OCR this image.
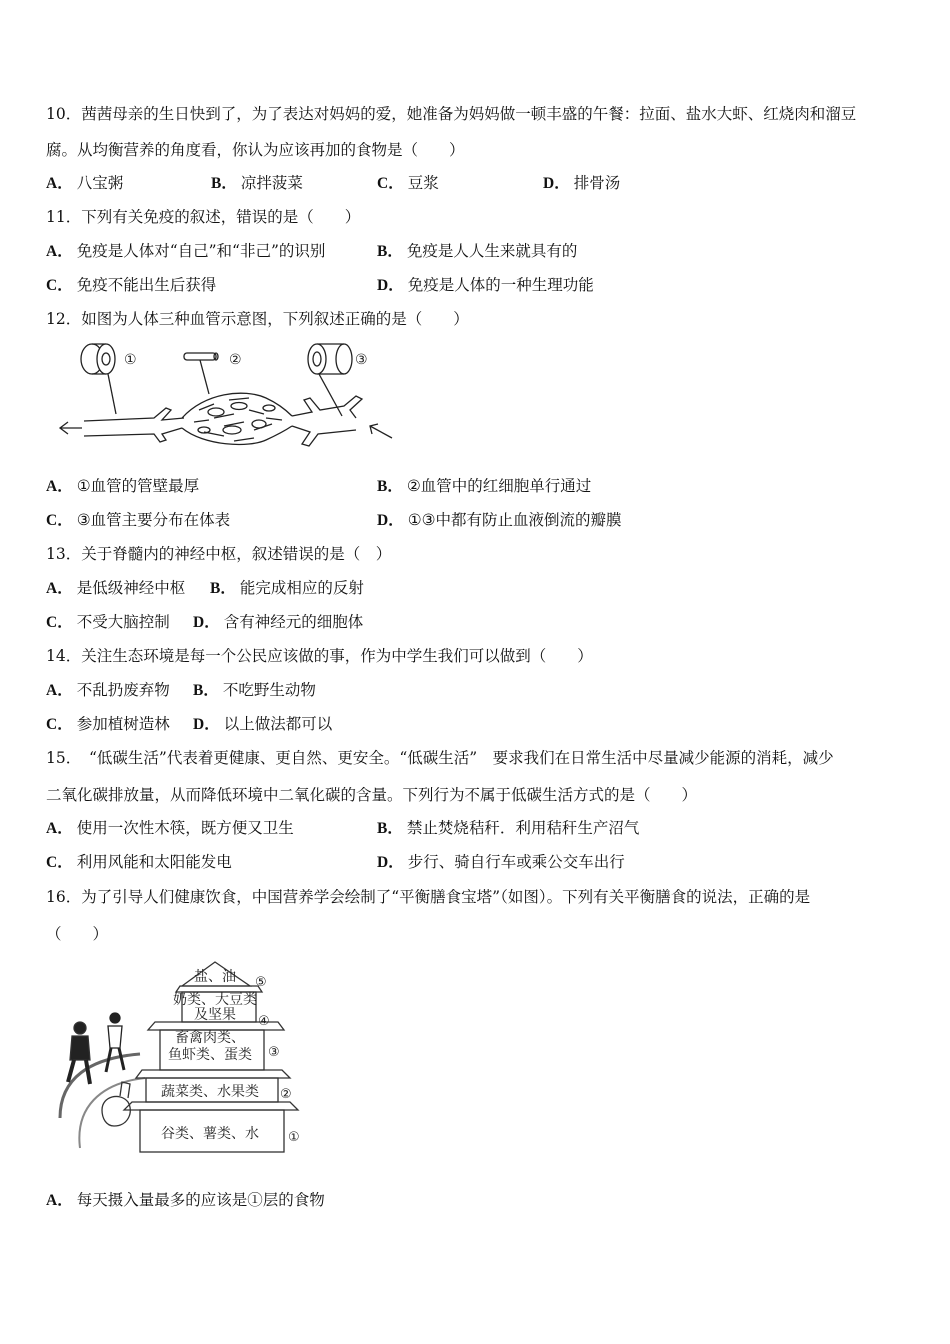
10．茜茜母亲的生日快到了，为了表达对妈妈的爱，她准备为妈妈做一顿丰盛的午餐：拉面、盐水大虾、红烧肉和溜豆
腐。从均衡营养的角度看，你认为应该再加的食物是（　　）
A． 八宝粥	B． 凉拌菠菜	C． 豆浆	D． 排骨汤
11．下列有关免疫的叙述，错误的是（　　）
A． 免疫是人体对“自己”和“非己”的识别	B． 免疫是人人生来就具有的
C． 免疫不能出生后获得	D． 免疫是人体的一种生理功能
12．如图为人体三种血管示意图，下列叙述正确的是（　　）
①	②	③
A． ①血管的管壁最厚	B． ②血管中的红细胞单行通过
C． ③血管主要分布在体表	D． ①③中都有防止血液倒流的瓣膜
13．关于脊髓内的神经中枢，叙述错误的是（　）
A． 是低级神经中枢 B． 能完成相应的反射
C． 不受大脑控制 D． 含有神经元的细胞体
14．关注生态环境是每一个公民应该做的事，作为中学生我们可以做到（　　）
A． 不乱扔废弃物 B． 不吃野生动物
C． 参加植树造林 D． 以上做法都可以
15．　“低碳生活”代表着更健康、更自然、更安全。“低碳生活”　要求我们在日常生活中尽量减少能源的消耗，减少
二氧化碳排放量，从而降低环境中二氧化碳的含量。下列行为不属于低碳生活方式的是（　　）
A． 使用一次性木筷，既方便又卫生	B． 禁止焚烧秸秆．利用秸秆生产沼气
C． 利用风能和太阳能发电	D． 步行、骑自行车或乘公交车出行
16．为了引导人们健康饮食，中国营养学会绘制了“平衡膳食宝塔”（如图）。下列有关平衡膳食的说法，正确的是
（　　）
盐、油
奶类、大豆类
及坚果
畜禽肉类、
鱼虾类、蛋类
蔬菜类、水果类
谷类、薯类、水
⑤
④
③
②
①
A． 每天摄入量最多的应该是①层的食物
